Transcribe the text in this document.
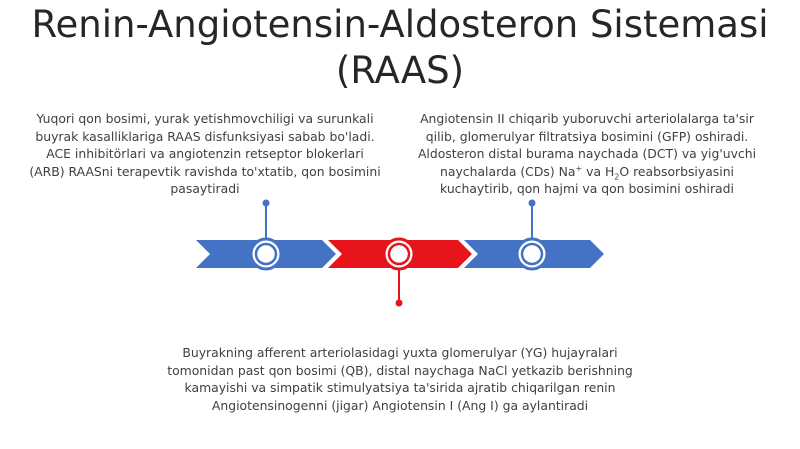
Renin-Angiotensin-Aldosteron Sistemasi
(RAAS)
Yuqori qon bosimi, yurak yetishmovchiligi va surunkali
buyrak kasalliklariga RAAS disfunksiyasi sabab bo'ladi.
ACE inhibitörlari va angiotenzin retseptor blokerlari
(ARB) RAASni terapevtik ravishda to'xtatib, qon bosimini
pasaytiradi
Angiotensin II chiqarib yuboruvchi arteriolalarga ta'sir
qilib, glomerulyar filtratsiya bosimini (GFP) oshiradi.
Aldosteron distal burama naychada (DCT) va yig'uvchi
naychalarda (CDs) Na+ va $H_2O$ reabsorbsiyasini
kuchaytirib, qon hajmi va qon bosimini oshiradi
Buyrakning afferent arteriolasidagi yuxta glomerulyar (YG) hujayralari
tomonidan past qon bosimi (QB), distal naychaga NaCl yetkazib berishning
kamayishi va simpatik stimulyatsiya ta'sirida ajratib chiqarilgan renin
Angiotensinogenni (jigar) Angiotensin I (Ang I) ga aylantiradi
